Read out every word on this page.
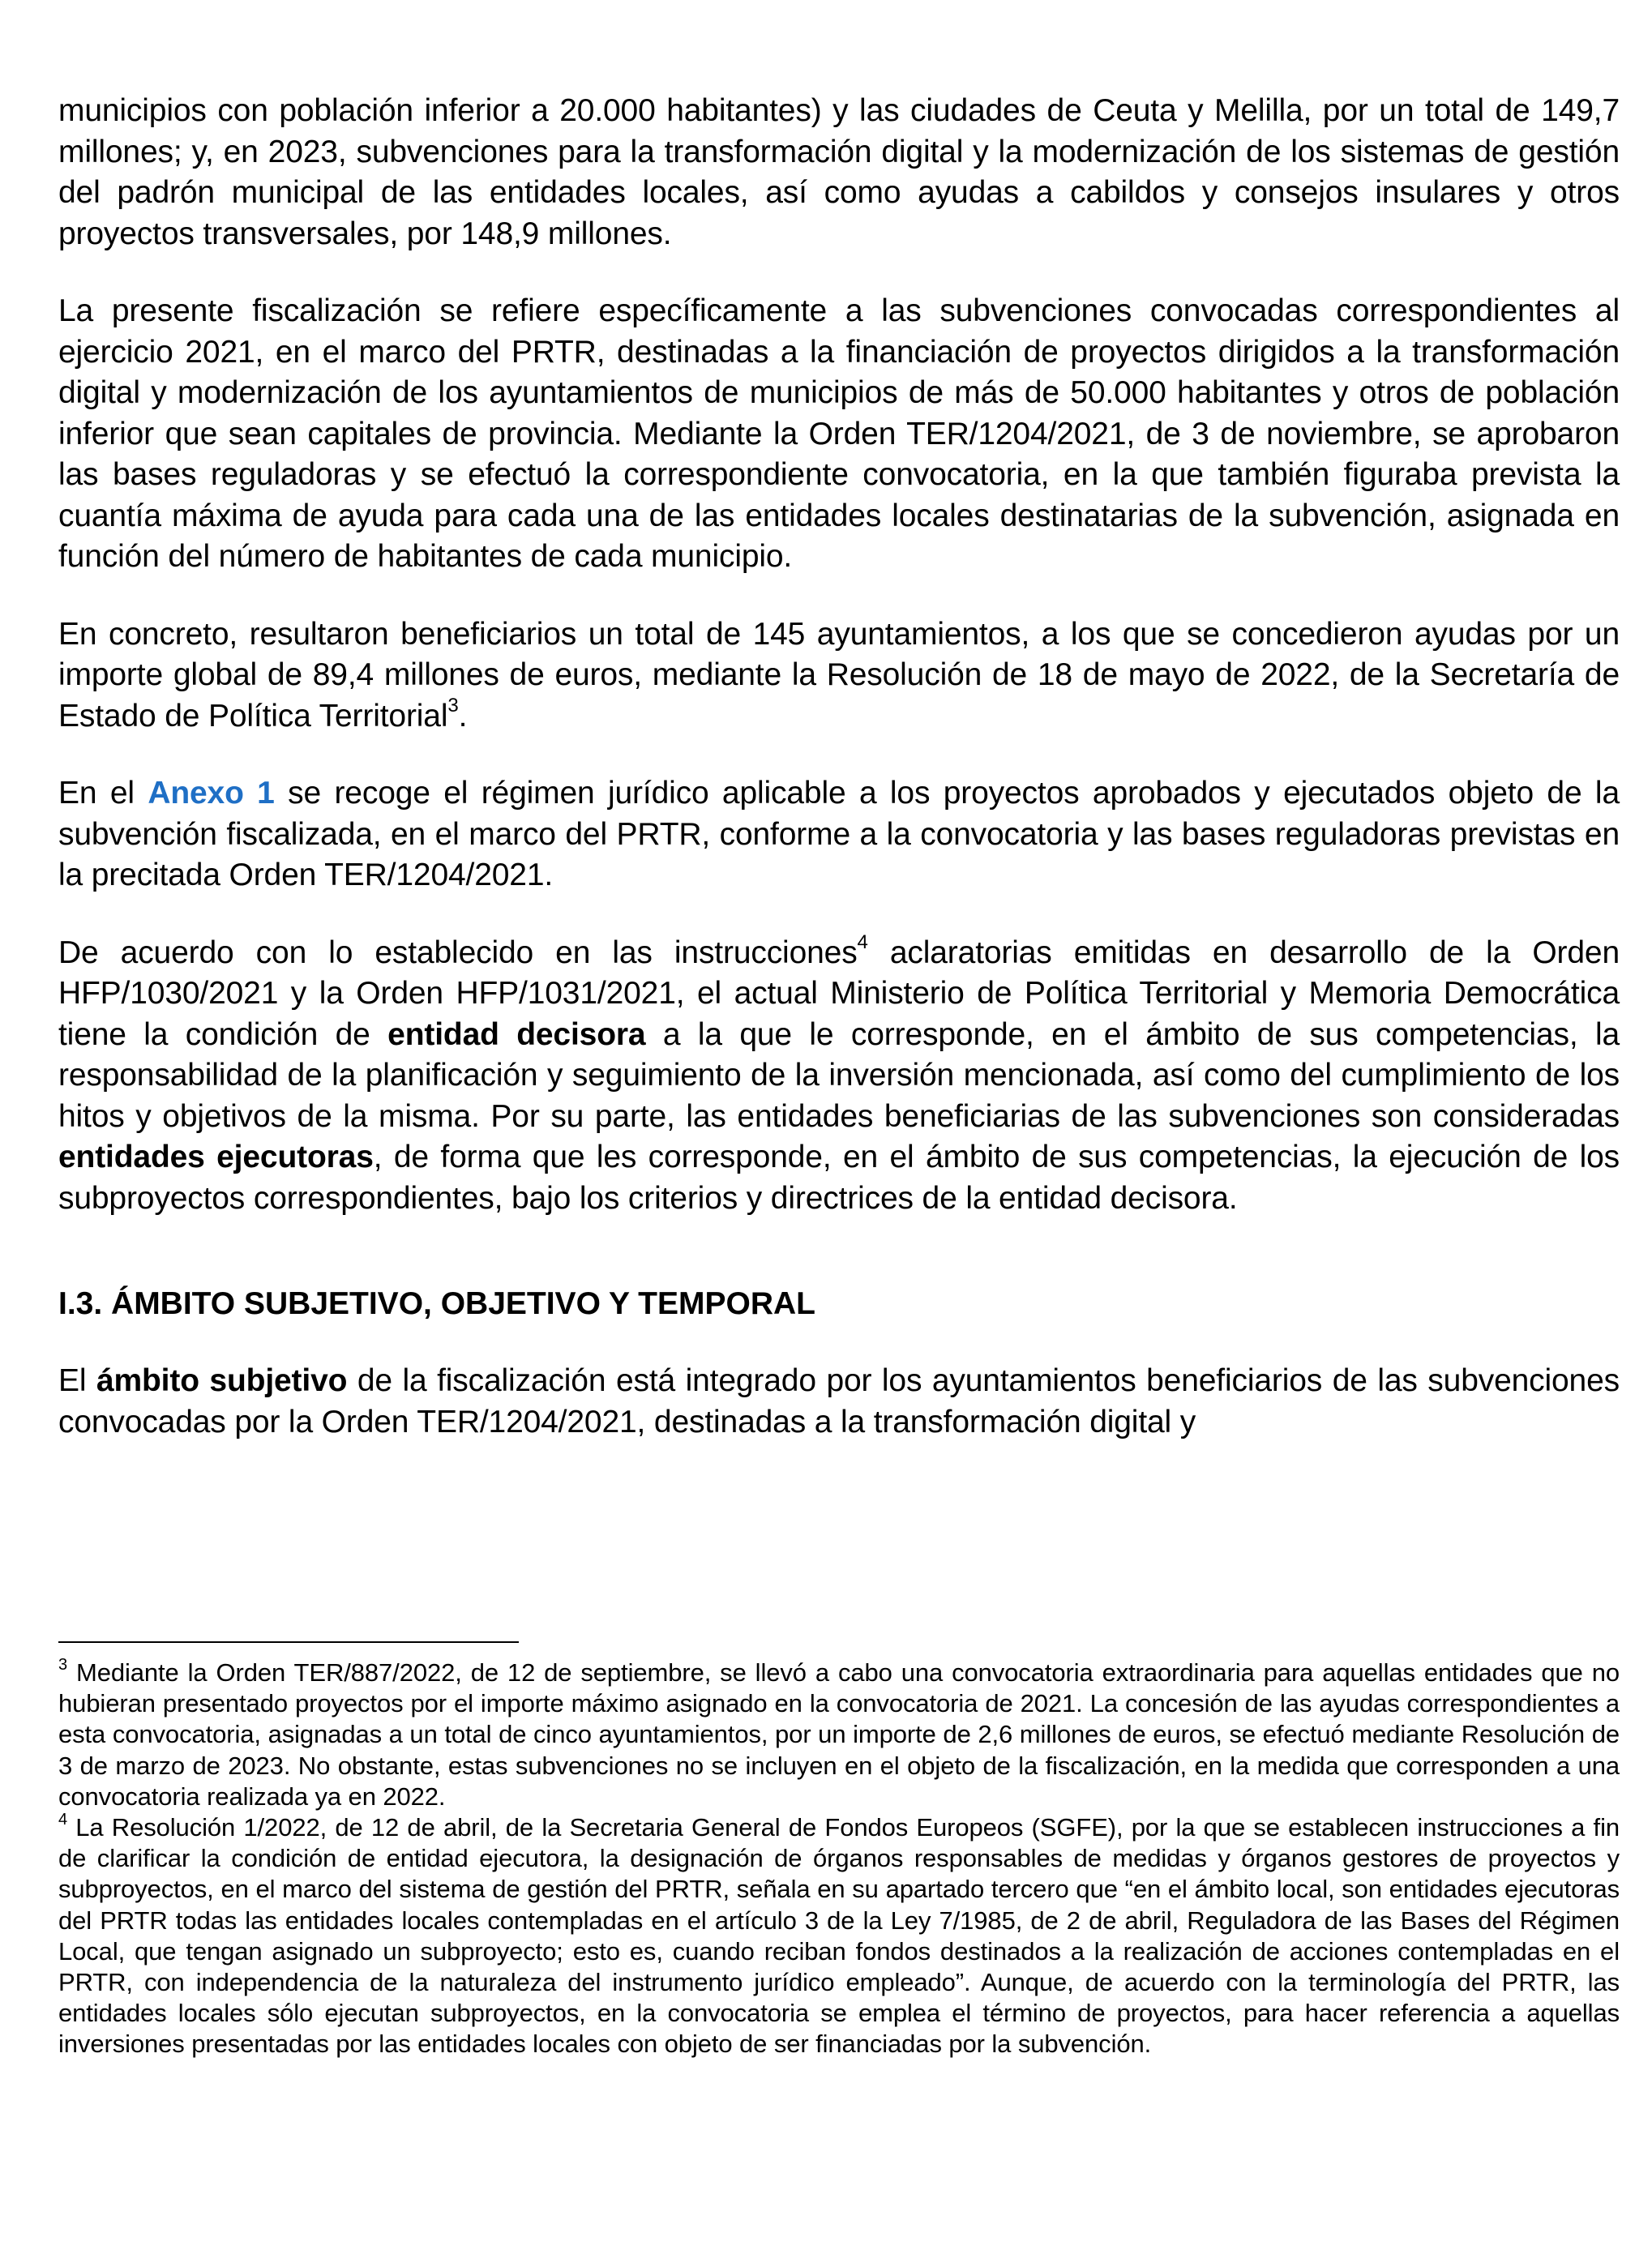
municipios con población inferior a 20.000 habitantes) y las ciudades de Ceuta y Melilla, por un total de 149,7 millones; y, en 2023, subvenciones para la transformación digital y la modernización de los sistemas de gestión del padrón municipal de las entidades locales, así como ayudas a cabildos y consejos insulares y otros proyectos transversales, por 148,9 millones.

La presente fiscalización se refiere específicamente a las subvenciones convocadas correspondientes al ejercicio 2021, en el marco del PRTR, destinadas a la financiación de proyectos dirigidos a la transformación digital y modernización de los ayuntamientos de municipios de más de 50.000 habitantes y otros de población inferior que sean capitales de provincia. Mediante la Orden TER/1204/2021, de 3 de noviembre, se aprobaron las bases reguladoras y se efectuó la correspondiente convocatoria, en la que también figuraba prevista la cuantía máxima de ayuda para cada una de las entidades locales destinatarias de la subvención, asignada en función del número de habitantes de cada municipio.

En concreto, resultaron beneficiarios un total de 145 ayuntamientos, a los que se concedieron ayudas por un importe global de 89,4 millones de euros, mediante la Resolución de 18 de mayo de 2022, de la Secretaría de Estado de Política Territorial$^3$.

En el Anexo 1 se recoge el régimen jurídico aplicable a los proyectos aprobados y ejecutados objeto de la subvención fiscalizada, en el marco del PRTR, conforme a la convocatoria y las bases reguladoras previstas en la precitada Orden TER/1204/2021.

De acuerdo con lo establecido en las instrucciones$^4$ aclaratorias emitidas en desarrollo de la Orden HFP/1030/2021 y la Orden HFP/1031/2021, el actual Ministerio de Política Territorial y Memoria Democrática tiene la condición de entidad decisora a la que le corresponde, en el ámbito de sus competencias, la responsabilidad de la planificación y seguimiento de la inversión mencionada, así como del cumplimiento de los hitos y objetivos de la misma. Por su parte, las entidades beneficiarias de las subvenciones son consideradas entidades ejecutoras, de forma que les corresponde, en el ámbito de sus competencias, la ejecución de los subproyectos correspondientes, bajo los criterios y directrices de la entidad decisora.

I.3. ÁMBITO SUBJETIVO, OBJETIVO Y TEMPORAL

El ámbito subjetivo de la fiscalización está integrado por los ayuntamientos beneficiarios de las subvenciones convocadas por la Orden TER/1204/2021, destinadas a la transformación digital y

$^3$ Mediante la Orden TER/887/2022, de 12 de septiembre, se llevó a cabo una convocatoria extraordinaria para aquellas entidades que no hubieran presentado proyectos por el importe máximo asignado en la convocatoria de 2021. La concesión de las ayudas correspondientes a esta convocatoria, asignadas a un total de cinco ayuntamientos, por un importe de 2,6 millones de euros, se efectuó mediante Resolución de 3 de marzo de 2023. No obstante, estas subvenciones no se incluyen en el objeto de la fiscalización, en la medida que corresponden a una convocatoria realizada ya en 2022.

$^4$ La Resolución 1/2022, de 12 de abril, de la Secretaria General de Fondos Europeos (SGFE), por la que se establecen instrucciones a fin de clarificar la condición de entidad ejecutora, la designación de órganos responsables de medidas y órganos gestores de proyectos y subproyectos, en el marco del sistema de gestión del PRTR, señala en su apartado tercero que “en el ámbito local, son entidades ejecutoras del PRTR todas las entidades locales contempladas en el artículo 3 de la Ley 7/1985, de 2 de abril, Reguladora de las Bases del Régimen Local, que tengan asignado un subproyecto; esto es, cuando reciban fondos destinados a la realización de acciones contempladas en el PRTR, con independencia de la naturaleza del instrumento jurídico empleado”. Aunque, de acuerdo con la terminología del PRTR, las entidades locales sólo ejecutan subproyectos, en la convocatoria se emplea el término de proyectos, para hacer referencia a aquellas inversiones presentadas por las entidades locales con objeto de ser financiadas por la subvención.
